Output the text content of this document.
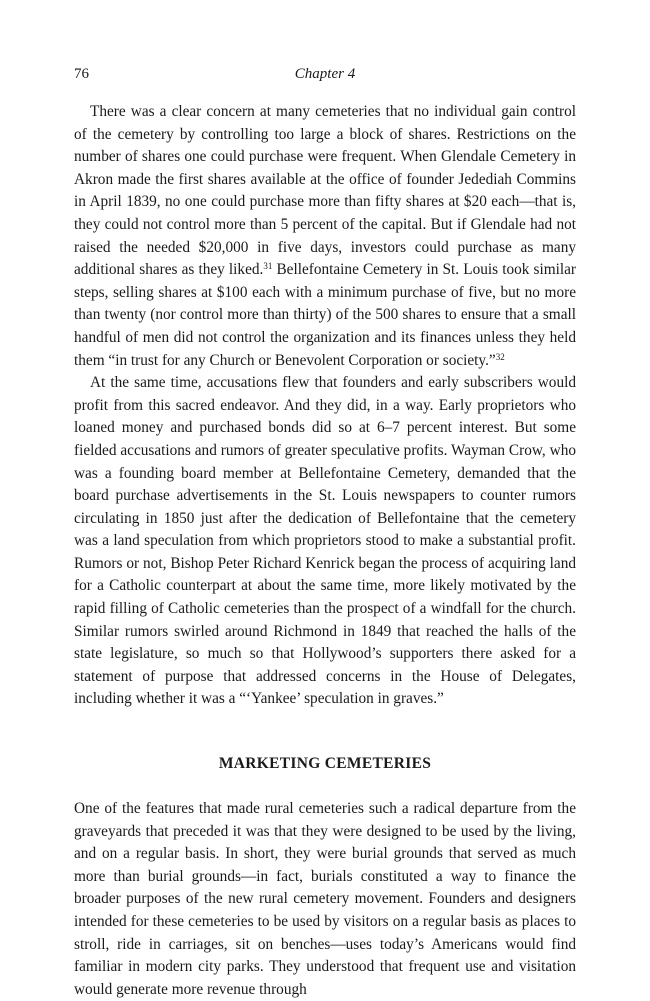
76	Chapter 4

There was a clear concern at many cemeteries that no individual gain control of the cemetery by controlling too large a block of shares. Restrictions on the number of shares one could purchase were frequent. When Glendale Cemetery in Akron made the first shares available at the office of founder Jedediah Commins in April 1839, no one could purchase more than fifty shares at $20 each—that is, they could not control more than 5 percent of the capital. But if Glendale had not raised the needed $20,000 in five days, investors could purchase as many additional shares as they liked.$^{31}$ Bellefontaine Cemetery in St. Louis took similar steps, selling shares at $100 each with a minimum purchase of five, but no more than twenty (nor control more than thirty) of the 500 shares to ensure that a small handful of men did not control the organization and its finances unless they held them “in trust for any Church or Benevolent Corporation or society.”$^{32}$

At the same time, accusations flew that founders and early subscribers would profit from this sacred endeavor. And they did, in a way. Early proprietors who loaned money and purchased bonds did so at 6–7 percent interest. But some fielded accusations and rumors of greater speculative profits. Wayman Crow, who was a founding board member at Bellefontaine Cemetery, demanded that the board purchase advertisements in the St. Louis newspapers to counter rumors circulating in 1850 just after the dedication of Bellefontaine that the cemetery was a land speculation from which proprietors stood to make a substantial profit. Rumors or not, Bishop Peter Richard Kenrick began the process of acquiring land for a Catholic counterpart at about the same time, more likely motivated by the rapid filling of Catholic cemeteries than the prospect of a windfall for the church. Similar rumors swirled around Richmond in 1849 that reached the halls of the state legislature, so much so that Hollywood’s supporters there asked for a statement of purpose that addressed concerns in the House of Delegates, including whether it was a “‘Yankee’ speculation in graves.”

MARKETING CEMETERIES

One of the features that made rural cemeteries such a radical departure from the graveyards that preceded it was that they were designed to be used by the living, and on a regular basis. In short, they were burial grounds that served as much more than burial grounds—in fact, burials constituted a way to finance the broader purposes of the new rural cemetery movement. Founders and designers intended for these cemeteries to be used by visitors on a regular basis as places to stroll, ride in carriages, sit on benches—uses today’s Americans would find familiar in modern city parks. They understood that frequent use and visitation would generate more revenue through
